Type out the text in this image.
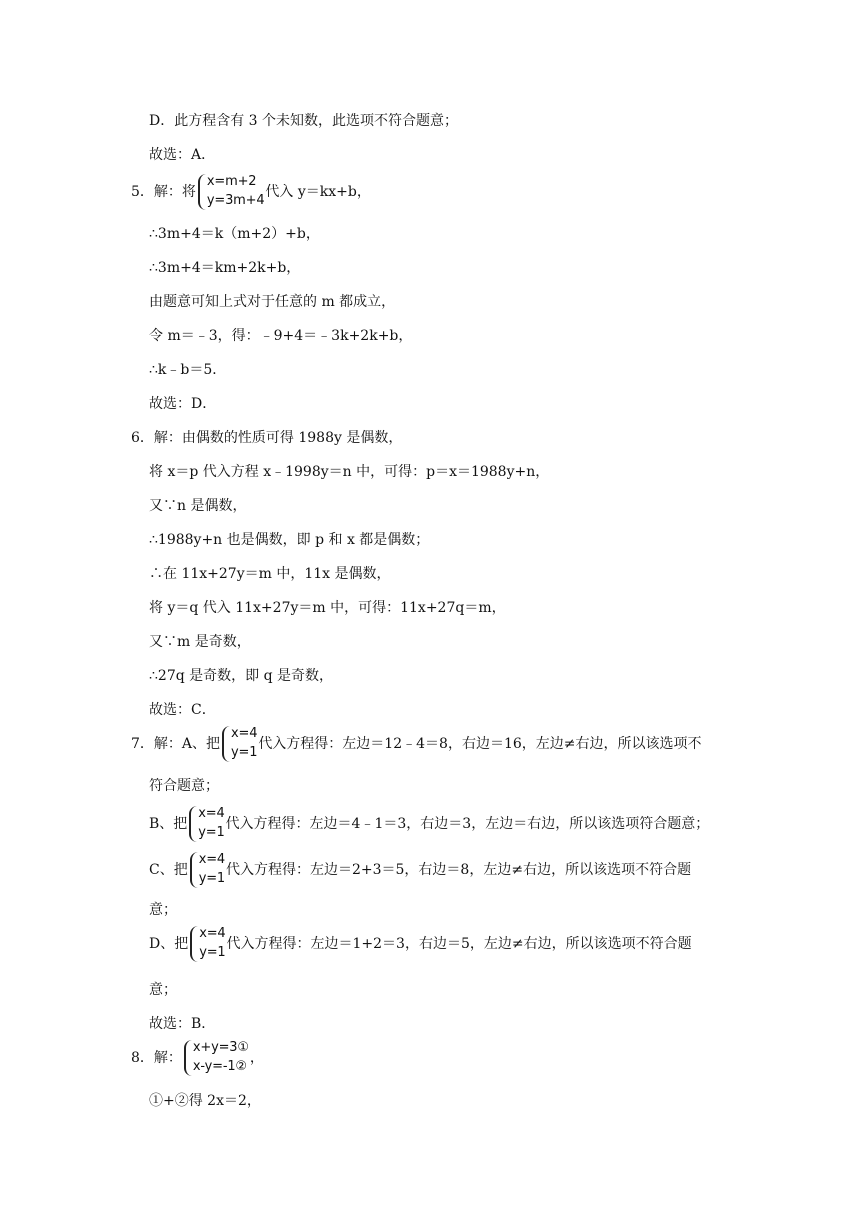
D．此方程含有 3 个未知数，此选项不符合题意；
故选：A．
5．解：将
x=m+2
y=3m+4
代入 y＝kx+b，
∴3m+4＝k（m+2）+b，
∴3m+4＝km+2k+b，
由题意可知上式对于任意的 m 都成立，
令 m＝﹣3，得：﹣9+4＝﹣3k+2k+b，
∴k﹣b＝5．
故选：D．
6．解：由偶数的性质可得 1988y 是偶数，
将 x＝p 代入方程 x﹣1998y＝n 中，可得：p＝x＝1988y+n，
又∵n 是偶数，
∴1988y+n 也是偶数，即 p 和 x 都是偶数；
∴在 11x+27y＝m 中，11x 是偶数，
将 y＝q 代入 11x+27y＝m 中，可得：11x+27q＝m，
又∵m 是奇数，
∴27q 是奇数，即 q 是奇数，
故选：C．
7．解：A、把
x=4
y=1
代入方程得：左边＝12﹣4＝8，右边＝16，左边≠右边，所以该选项不
符合题意；
B、把
x=4
y=1
代入方程得：左边＝4﹣1＝3，右边＝3，左边＝右边，所以该选项符合题意；
C、把
x=4
y=1
代入方程得：左边＝2+3＝5，右边＝8，左边≠右边，所以该选项不符合题
意；
D、把
x=4
y=1
代入方程得：左边＝1+2＝3，右边＝5，左边≠右边，所以该选项不符合题
意；
故选：B．
8．解：
x+y=3①
x-y=-1②
，
①+②得 2x＝2，
